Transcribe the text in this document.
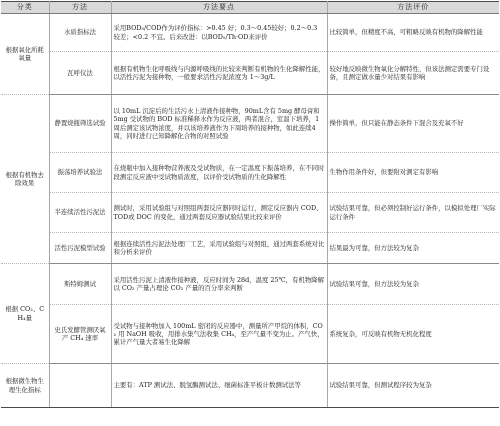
分类	方法	方法要点	方法评价
根据氧化所耗氧量	水质指标法	采用BOD₅/COD作为评价指标：>0.45 好；0.3～0.45较好；0.2～0.3 较差；<0.2 不宜。后来改进：以BOD₅/Th·OD来评价	比较简单，但精度不高，可粗略反映有机物的降解性能
	瓦呼仪法	根据有机物生化呼吸线与内源呼吸线的比较来判断有机物的生化降解性能，以活性污泥为接种物，一般要求活性污泥浓度为 1～3g/L	较好地反映微生物氧化分解特性，但该法测定需要专门设备，且测定做水量少对结果有影响
根据有机物去除效果	静置烧瓶筛选试验	以 10mL 沉淀后的生活污水上清液作接种物，90mL含有 5mg 酵母膏和 5mg 受试物的 BOD 标准稀释水作为反应液，两者混合，室温下培养，1周后测定该试物浓度，并以该培养液作为下周培养的接种物，如此连续4周，同时进行已知降解化合物的对照试验	操作简单，但只能在静态条件下混合及充氧不好
	振荡培养试验法	在烧瓶中加入接种物营养液及受试物质，在一定温度下振荡培养，在不同时段测定反应液中受试物质浓度，以评价受试物质的生化降解性	生物作用条件好，但要附对测定有影响
	半连续活性污泥法	测试时，采用试验组与对照组两套反应器同时运行，测定反应器内 COD、TOD或 DOC 的变化，通过两套反应器试验结果比较来评价	试验结果可靠，但必须控制好运行条件，以模拟处理厂实际运行条件
	活性污泥模型试验	根据连续活性污泥法处理厂工艺，采用试验组与对照组，通过两套系统对比和分析来评价	结果最为可靠，但方法较为复杂
根据 CO₂、CH₄量	斯特姆测试	采用活性污泥上清液作接种液，反应时间为 28d，温度 25℃，有机物降解以 CO₂ 产量占理论 CO₂ 产量的百分率来判断	试验结果可靠，但方法较为复杂
	史氏发酵管测厌氧产 CH₄ 速率	受试物与接种物加入 100mL 密闭的反应器中，测量所产甲烷的体积，CO₂ 用 NaOH 吸收，用排水集气法收集 CH₄，至产气量不变为止。产气快，累计产气量大者易生化降解	系统复杂，可反映有机物无机化程度
根据微生物生理生化指标		主要有：ATP 测试法、脱氢酶测试法、细菌标准平板计数测试法等	试验结果可靠，但测试程序较为复杂
